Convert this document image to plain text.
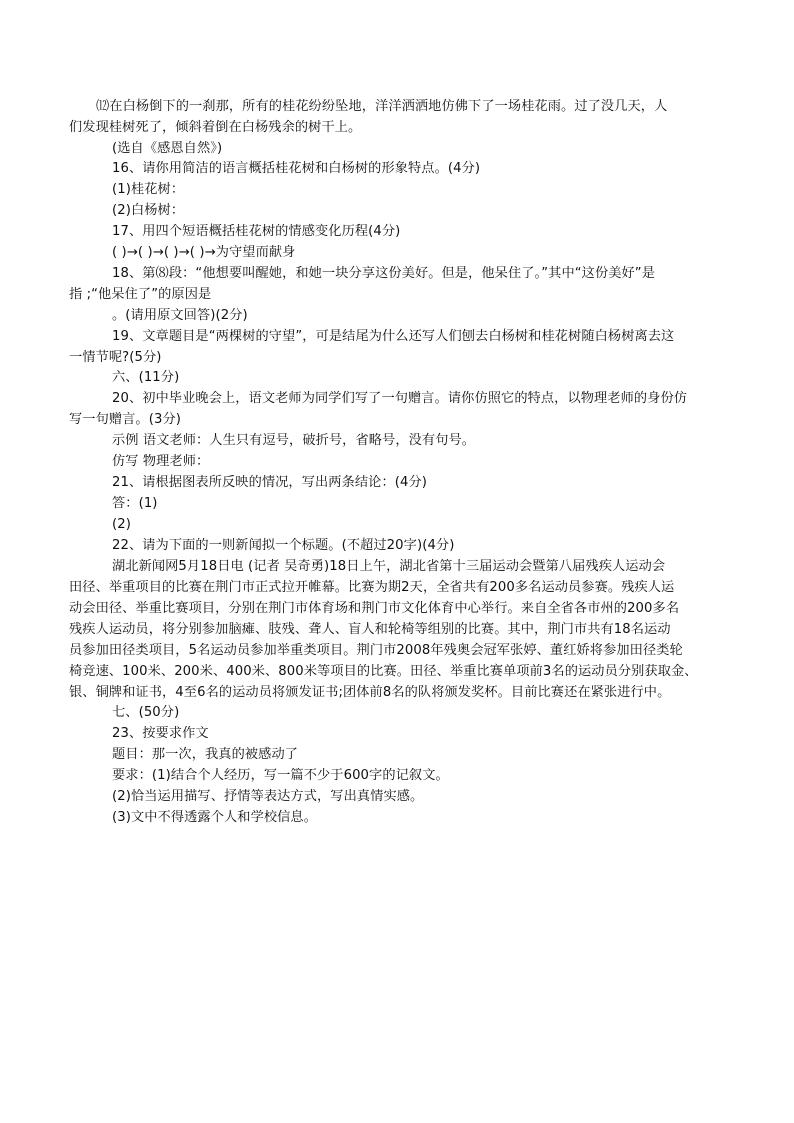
⑿在白杨倒下的一刹那，所有的桂花纷纷坠地，洋洋洒洒地仿佛下了一场桂花雨。过了没几天，人
们发现桂树死了，倾斜着倒在白杨残余的树干上。
(选自《感恩自然》)
16、请你用简洁的语言概括桂花树和白杨树的形象特点。(4分)
(1)桂花树：
(2)白杨树：
17、用四个短语概括桂花树的情感变化历程(4分)
( )→( )→( )→( )→为守望而献身
18、第⑻段：“他想要叫醒她，和她一块分享这份美好。但是，他呆住了。”其中“这份美好”是
指 ;“他呆住了”的原因是
。(请用原文回答)(2分)
19、文章题目是“两棵树的守望”，可是结尾为什么还写人们刨去白杨树和桂花树随白杨树离去这
一情节呢?(5分)
六、(11分)
20、初中毕业晚会上，语文老师为同学们写了一句赠言。请你仿照它的特点，以物理老师的身份仿
写一句赠言。(3分)
示例 语文老师：人生只有逗号，破折号，省略号，没有句号。
仿写 物理老师：
21、请根据图表所反映的情况，写出两条结论：(4分)
答：(1)
(2)
22、请为下面的一则新闻拟一个标题。(不超过20字)(4分)
湖北新闻网5月18日电 (记者 吴奇勇)18日上午，湖北省第十三届运动会暨第八届残疾人运动会
田径、举重项目的比赛在荆门市正式拉开帷幕。比赛为期2天，全省共有200多名运动员参赛。残疾人运
动会田径、举重比赛项目，分别在荆门市体育场和荆门市文化体育中心举行。来自全省各市州的200多名
残疾人运动员，将分别参加脑瘫、肢残、聋人、盲人和轮椅等组别的比赛。其中，荆门市共有18名运动
员参加田径类项目，5名运动员参加举重类项目。荆门市2008年残奥会冠军张婷、董红娇将参加田径类轮
椅竞速、100米、200米、400米、800米等项目的比赛。田径、举重比赛单项前3名的运动员分别获取金、
银、铜牌和证书，4至6名的运动员将颁发证书;团体前8名的队将颁发奖杯。目前比赛还在紧张进行中。
七、(50分)
23、按要求作文
题目：那一次，我真的被感动了
要求：(1)结合个人经历，写一篇不少于600字的记叙文。
(2)恰当运用描写、抒情等表达方式，写出真情实感。
(3)文中不得透露个人和学校信息。
